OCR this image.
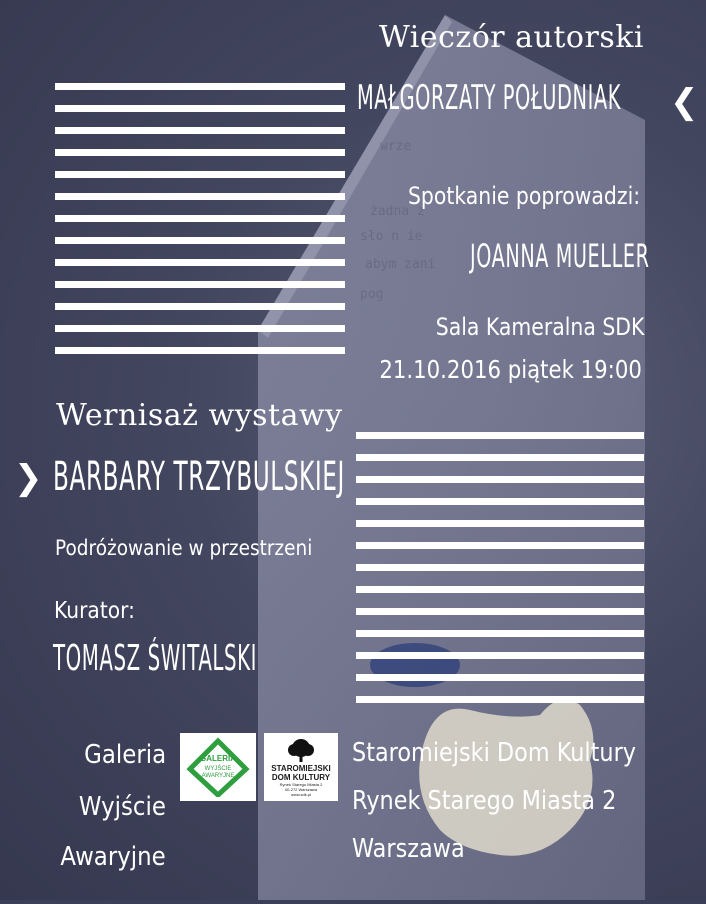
wrze
żadna z
sło n ie
abym zani
pog
Wieczór autorski
MAŁGORZATY POŁUDNIAK ❮
Spotkanie poprowadzi:
JOANNA MUELLER
Sala Kameralna SDK
21.10.2016 piątek 19:00
Wernisaż wystawy
❯ BARBARY TRZYBULSKIEJ
Podróżowanie w przestrzeni
Kurator:
TOMASZ ŚWITALSKI
Galeria
Wyjście
Awaryjne
GALERIA
WYJŚCIE
AWARYJNE
STAROMIEJSKI
DOM KULTURY
Rynek Starego Miasta 2
00-272 Warszawa
www.sdk.pl
Staromiejski Dom Kultury
Rynek Starego Miasta 2
Warszawa
